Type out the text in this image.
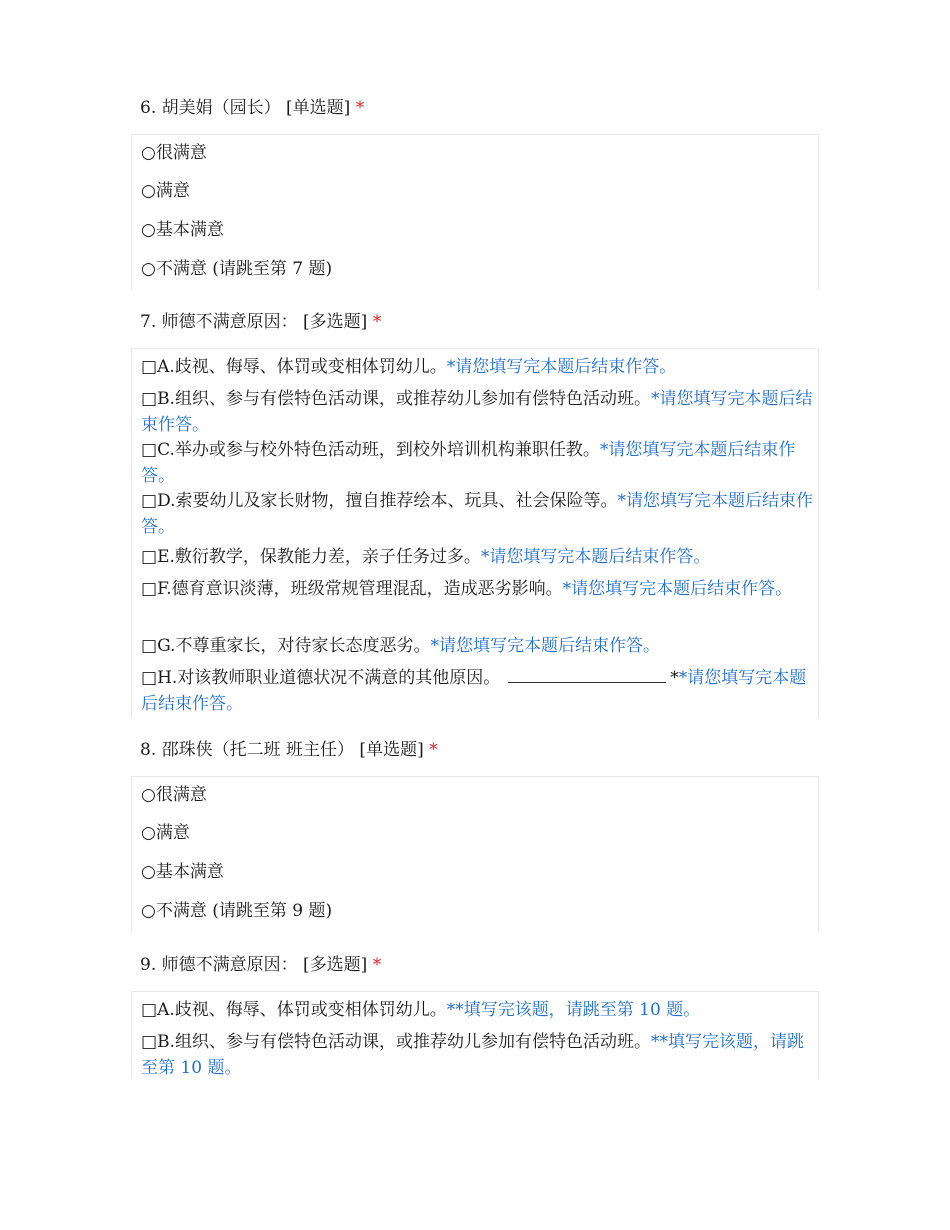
6. 胡美娟（园长） [单选题] *
○很满意
○满意
○基本满意
○不满意 (请跳至第 7 题)
7. 师德不满意原因： [多选题] *
□A.歧视、侮辱、体罚或变相体罚幼儿。*请您填写完本题后结束作答。
□B.组织、参与有偿特色活动课，或推荐幼儿参加有偿特色活动班。*请您填写完本题后结束作答。
□C.举办或参与校外特色活动班，到校外培训机构兼职任教。*请您填写完本题后结束作答。
□D.索要幼儿及家长财物，擅自推荐绘本、玩具、社会保险等。*请您填写完本题后结束作答。
□E.敷衍教学，保教能力差，亲子任务过多。*请您填写完本题后结束作答。
□F.德育意识淡薄，班级常规管理混乱，造成恶劣影响。*请您填写完本题后结束作答。
□G.不尊重家长，对待家长态度恶劣。*请您填写完本题后结束作答。
□H.对该教师职业道德状况不满意的其他原因。	**请您填写完本题后结束作答。
8. 邵珠侠（托二班 班主任） [单选题] *
○很满意
○满意
○基本满意
○不满意 (请跳至第 9 题)
9. 师德不满意原因： [多选题] *
□A.歧视、侮辱、体罚或变相体罚幼儿。**填写完该题，请跳至第 10 题。
□B.组织、参与有偿特色活动课，或推荐幼儿参加有偿特色活动班。**填写完该题，请跳至第 10 题。
